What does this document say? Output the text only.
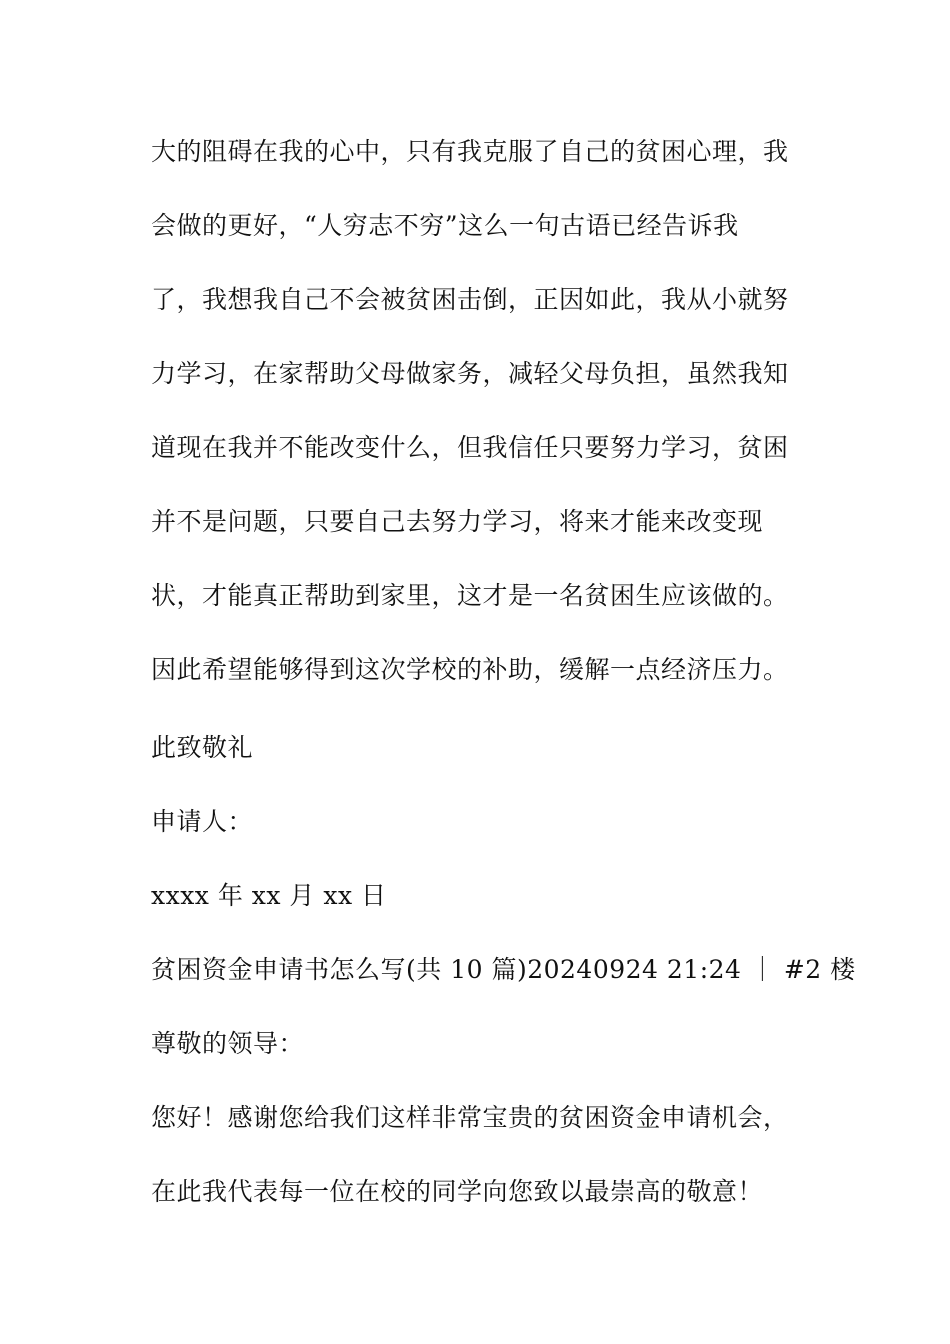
大的阻碍在我的心中，只有我克服了自己的贫困心理，我
会做的更好，“人穷志不穷”这么一句古语已经告诉我
了，我想我自己不会被贫困击倒，正因如此，我从小就努
力学习，在家帮助父母做家务，减轻父母负担，虽然我知
道现在我并不能改变什么，但我信任只要努力学习，贫困
并不是问题，只要自己去努力学习，将来才能来改变现
状，才能真正帮助到家里，这才是一名贫困生应该做的。
因此希望能够得到这次学校的补助，缓解一点经济压力。
此致敬礼
申请人：
xxxx 年 xx 月 xx 日
贫困资金申请书怎么写(共 10 篇)20240924 21:24 ｜ #2 楼
尊敬的领导：
您好！感谢您给我们这样非常宝贵的贫困资金申请机会，
在此我代表每一位在校的同学向您致以最崇高的敬意！
